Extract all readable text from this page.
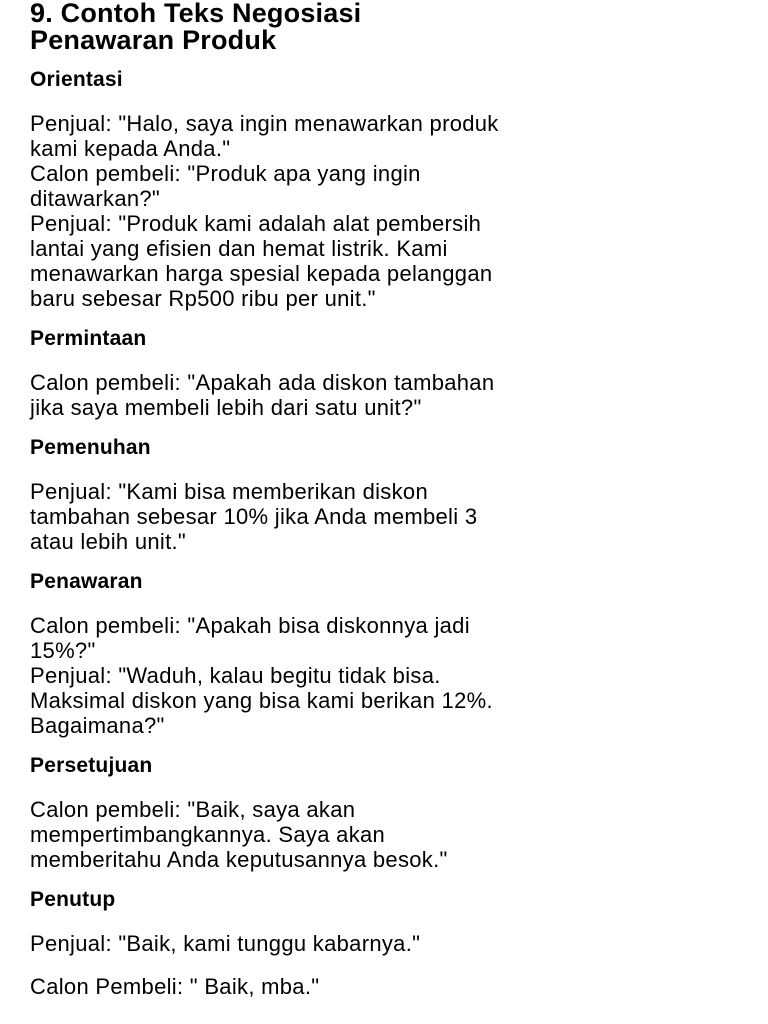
9. Contoh Teks Negosiasi
Penawaran Produk
Orientasi

Penjual: "Halo, saya ingin menawarkan produk
kami kepada Anda."
Calon pembeli: "Produk apa yang ingin
ditawarkan?"
Penjual: "Produk kami adalah alat pembersih
lantai yang efisien dan hemat listrik. Kami
menawarkan harga spesial kepada pelanggan
baru sebesar Rp500 ribu per unit."

Permintaan

Calon pembeli: "Apakah ada diskon tambahan
jika saya membeli lebih dari satu unit?"

Pemenuhan

Penjual: "Kami bisa memberikan diskon
tambahan sebesar 10% jika Anda membeli 3
atau lebih unit."

Penawaran

Calon pembeli: "Apakah bisa diskonnya jadi
15%?"
Penjual: "Waduh, kalau begitu tidak bisa.
Maksimal diskon yang bisa kami berikan 12%.
Bagaimana?"

Persetujuan

Calon pembeli: "Baik, saya akan
mempertimbangkannya. Saya akan
memberitahu Anda keputusannya besok."

Penutup

Penjual: "Baik, kami tunggu kabarnya."

Calon Pembeli: " Baik, mba."
